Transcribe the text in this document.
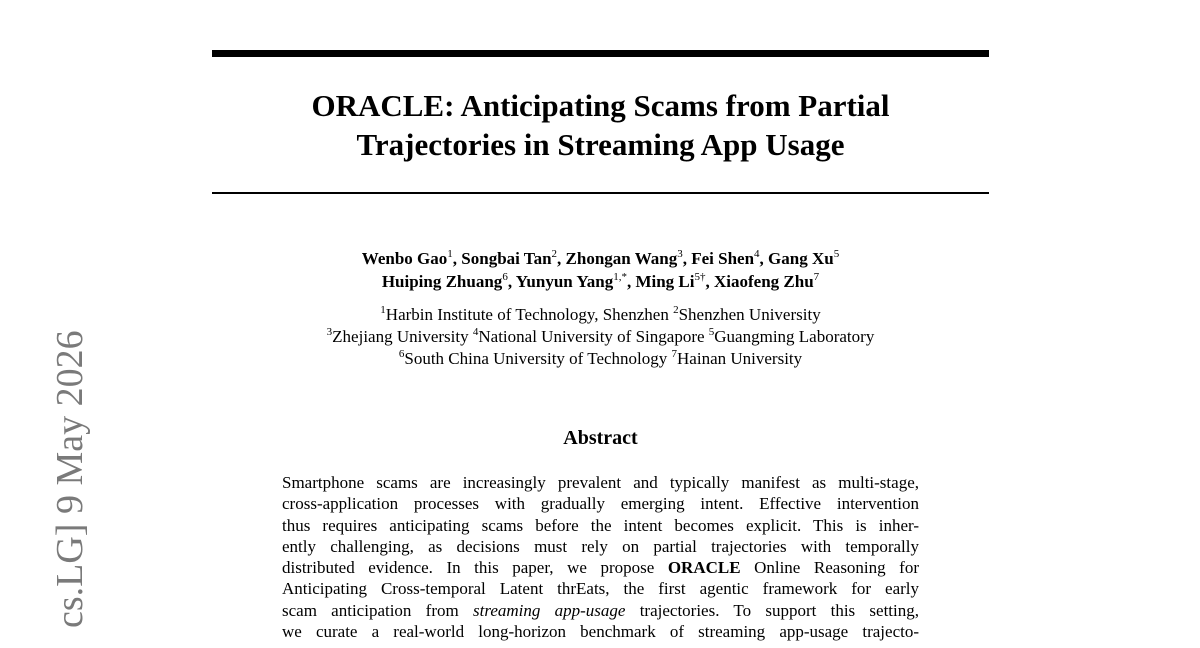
cs.LG] 9 May 2026
ORACLE: Anticipating Scams from Partial
Trajectories in Streaming App Usage
Wenbo Gao$^1$, Songbai Tan$^2$, Zhongan Wang$^3$, Fei Shen$^4$, Gang Xu$^5$
Huiping Zhuang$^6$, Yunyun Yang$^{1,*}$, Ming $Li^{5\dagger}$, Xiaofeng Zhu$^7$
$^1$Harbin Institute of Technology, Shenzhen $^2$Shenzhen University
$^3$Zhejiang University $^4$National University of Singapore $^5$Guangming Laboratory
$^6$South China University of Technology $^7$Hainan University
Abstract
Smartphone scams are increasingly prevalent and typically manifest as multi-stage,
cross-application processes with gradually emerging intent. Effective intervention
thus requires anticipating scams before the intent becomes explicit. This is inher-
ently challenging, as decisions must rely on partial trajectories with temporally
distributed evidence. In this paper, we propose ORACLE Online Reasoning for
Anticipating Cross-temporal Latent thrEats, the first agentic framework for early
scam anticipation from streaming app-usage trajectories. To support this setting,
we curate a real-world long-horizon benchmark of streaming app-usage trajecto-
